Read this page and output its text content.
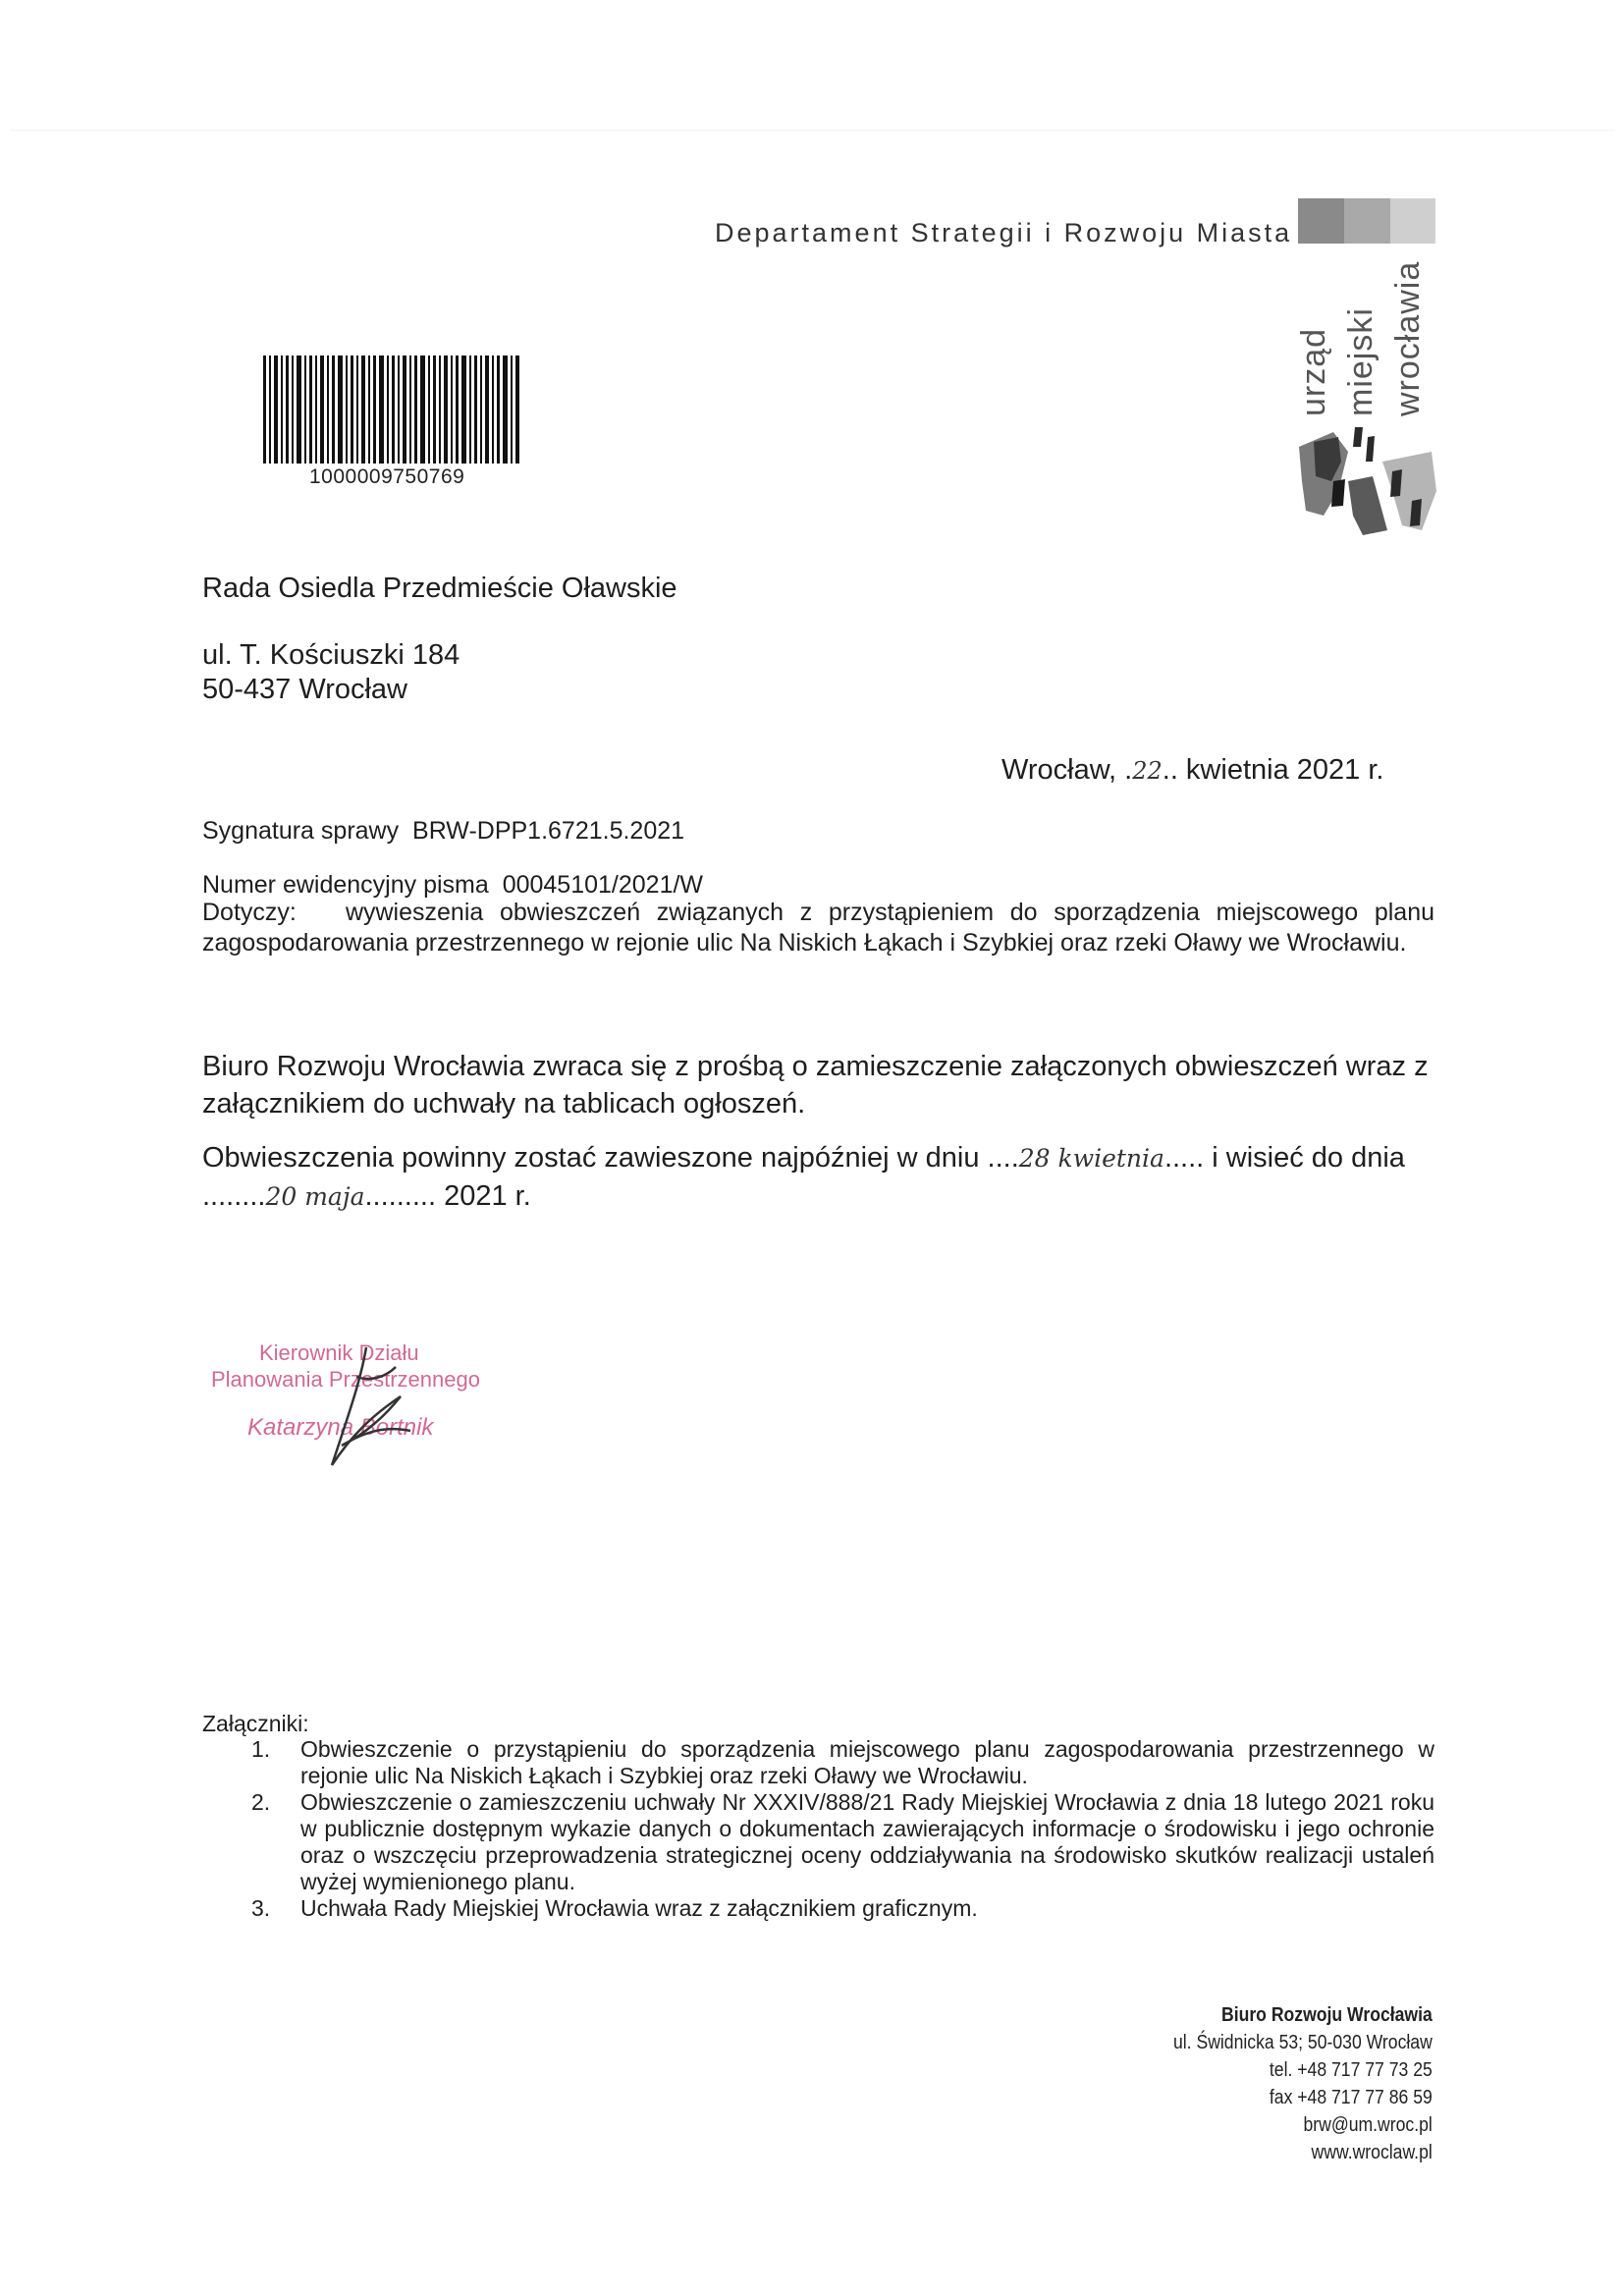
Departament Strategii i Rozwoju Miasta
urząd miejski wrocławia
1000009750769
Rada Osiedla Przedmieście Oławskie
ul. T. Kościuszki 184
50-437 Wrocław
Wrocław, .22.. kwietnia 2021 r.
Sygnatura sprawy BRW-DPP1.6721.5.2021
Numer ewidencyjny pisma 00045101/2021/W

Dotyczy: wywieszenia obwieszczeń związanych z przystąpieniem do sporządzenia miejscowego planu zagospodarowania przestrzennego w rejonie ulic Na Niskich Łąkach i Szybkiej oraz rzeki Oławy we Wrocławiu.

Biuro Rozwoju Wrocławia zwraca się z prośbą o zamieszczenie załączonych obwieszczeń wraz z załącznikiem do uchwały na tablicach ogłoszeń.
Obwieszczenia powinny zostać zawieszone najpóźniej w dniu ....28 kwietnia..... i wisieć do dnia ........20 maja......... 2021 r.
Kierownik Działu
Planowania Przestrzennego
Katarzyna Bortnik
Załączniki:
1. Obwieszczenie o przystąpieniu do sporządzenia miejscowego planu zagospodarowania przestrzennego w rejonie ulic Na Niskich Łąkach i Szybkiej oraz rzeki Oławy we Wrocławiu.
2. Obwieszczenie o zamieszczeniu uchwały Nr XXXIV/888/21 Rady Miejskiej Wrocławia z dnia 18 lutego 2021 roku w publicznie dostępnym wykazie danych o dokumentach zawierających informacje o środowisku i jego ochronie oraz o wszczęciu przeprowadzenia strategicznej oceny oddziaływania na środowisko skutków realizacji ustaleń wyżej wymienionego planu.
3. Uchwała Rady Miejskiej Wrocławia wraz z załącznikiem graficznym.
Biuro Rozwoju Wrocławia
ul. Świdnicka 53; 50-030 Wrocław
tel. +48 717 77 73 25
fax +48 717 77 86 59
brw@um.wroc.pl
www.wroclaw.pl
